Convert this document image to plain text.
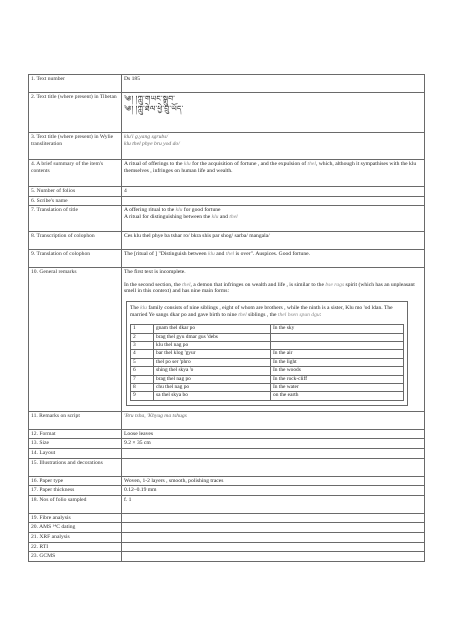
1. Text number	Ds 185
2. Text title (where present) in Tibetan	༄། །ཀླུ་གཡང་སྒྲུབ་
༄། །ཀླུ་ཐེལ་ཕྱེ་བྲུ་ཡོད་

3. Text title (where present) in Wylie transliteration	
klu'i g.yang sgrubs/
klu thel phye bru yod do/

4. A brief summary of the item's contents	A ritual of offerings to the klu for the acquisition of fortune , and the expulsion of thel, which, although it sympathises with the klu themselves , infringes on human life and wealth.
5. Number of folios	4
6. Scribe's name	
7. Translation of title	A offering ritual to the klu for good fortune
A ritual for distinguishing between the klu and thel

8. Transcription of colophon	Ces klu thel phye ba tshar ro/ bkra shis par shog/ sarba/ mangala/
9. Translation of colophon	The [ritual of ] "Distinguish between klu and thel is over". Auspices. Good fortune.
10. General remarks	The first text is incomplete.

In the second section, the thel, a demon that infringes on wealth and life , is similar to the bse rags spirit (which has an unpleasant smell in this context) and has nine main forms:

The klu family consists of nine siblings , eight of whom are brothers , while the ninth is a sister, Klu mo 'od ldan. The married Ye sangs dkar po and gave birth to nine thel siblings , the thel bsen spun dgu:

1	gnam thel dkar po	In the sky
2	brag thel gyu dmar gus 'debs	
3	klu thel nag po	
4	bar thel klog 'gyur	In the air
5	thel po ser 'phro	In the light
6	shing thel skya 'o	In the woods
7	brag thel nag po	In the rock-cliff
8	chu thel nag po	In the water
9	sa thel skya bo	on the earth

11. Remarks on script	'Bru tsha, 'Khyug ma tshugs
12. Format	Loose leaves
13. Size	9.2 × 35 cm
14. Layout	
15. Illustrations and decorations	
16. Paper type	Woven, 1-2 layers , smooth, polishing traces
17. Paper thickness	0.12–0.19 mm
18. Nos of folio sampled	f. 1
19. Fibre analysis	
20. AMS ¹⁴C dating	
21. XRF analysis	
22. RTI	
23. GCMS	
